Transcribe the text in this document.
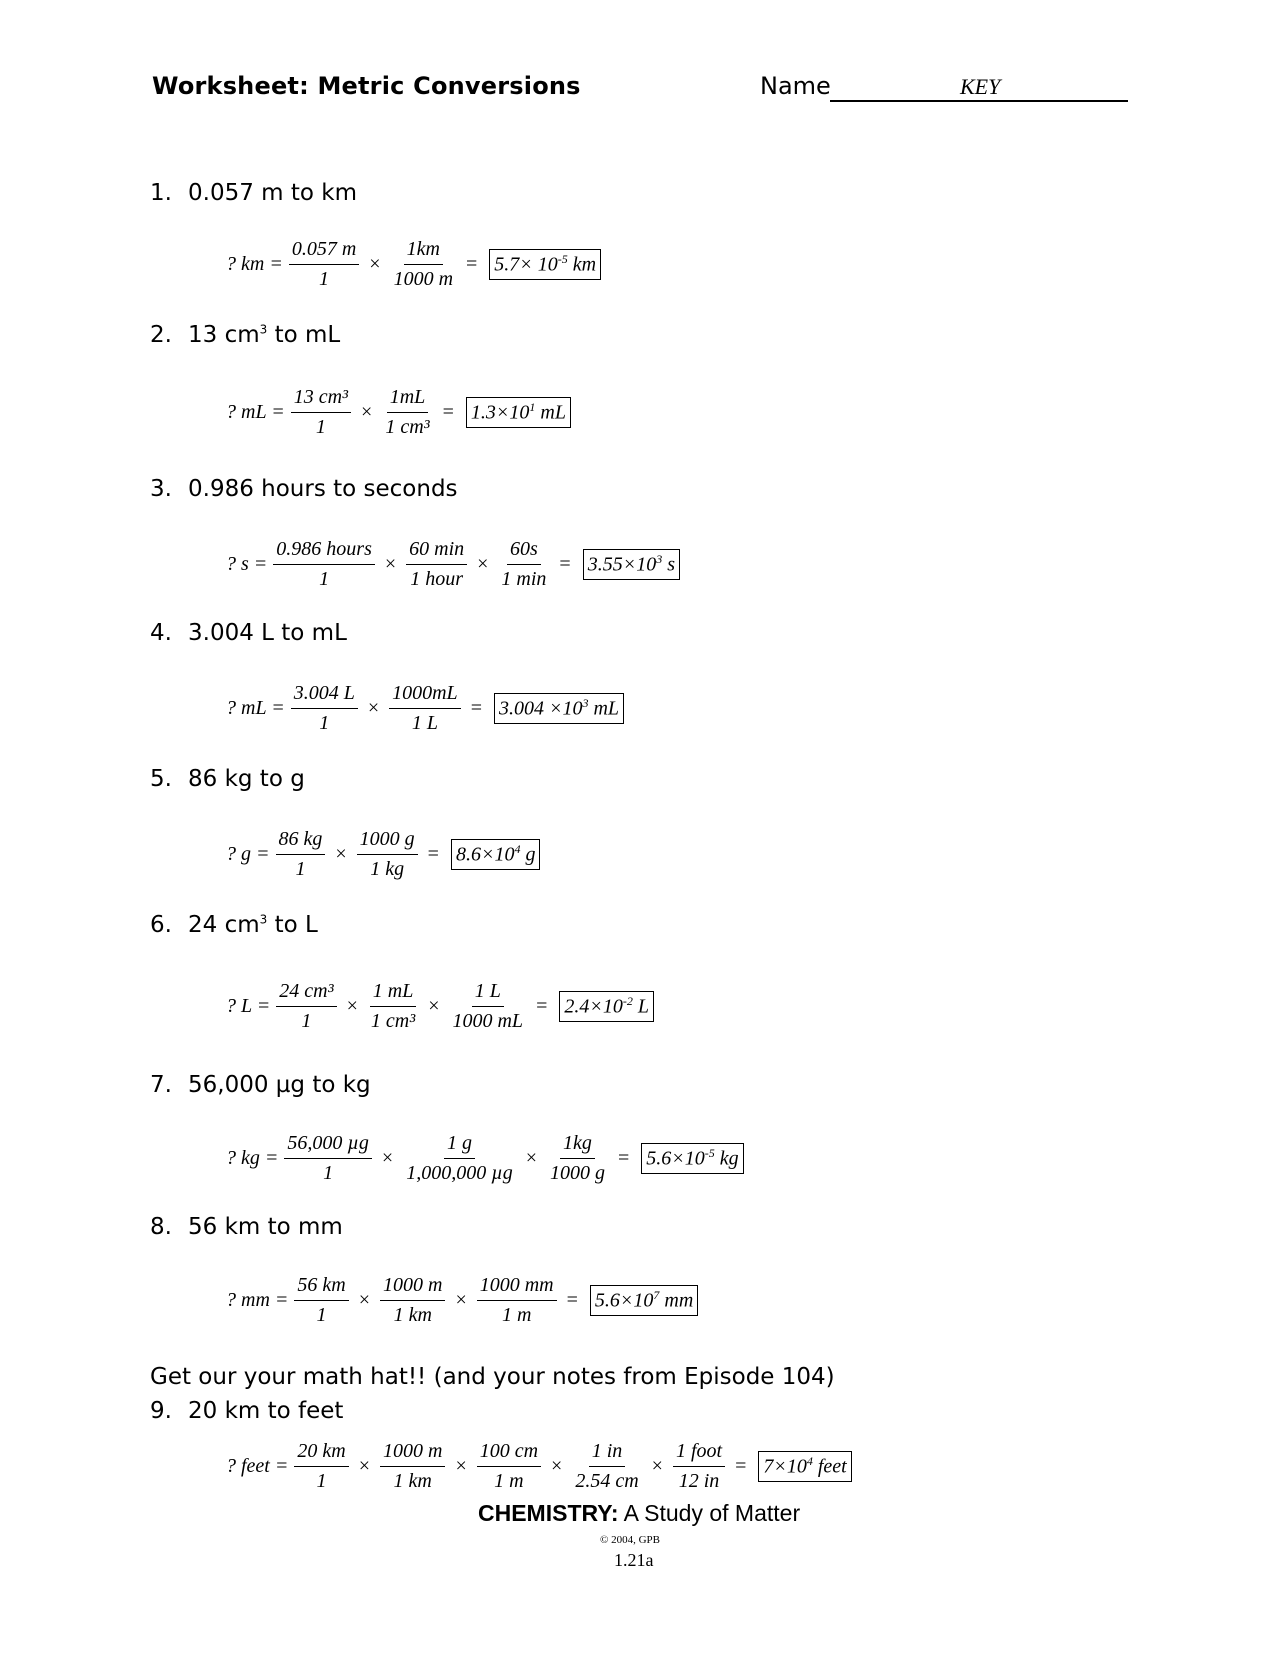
Worksheet: Metric Conversions	Name	KEY
1. 0.057 m to km
2. 13 $cm^3$ to mL
3. 0.986 hours to seconds
4. 3.004 L to mL
5. 86 kg to g
6. 24 $cm^3$ to L
7. 56,000 µg to kg
8. 56 km to mm
Get our your math hat!! (and your notes from Episode 104)
9. 20 km to feet
? km = $\frac{0.057 m}{1} \times \frac{1km}{1000 m} = 5.7\times 10^{-5}$ km
? mL = $\frac{\text{13 cm³}}{1} \times \frac{1mL}{\text{1 cm³}} = 1.3\times 10^1$ mL
? $s = \frac{\text{0.986 hours}}{1} \times \frac{60 \min}{\text{1 hour}} \times \frac{60s}{1 \min} = 3.55\times 10^3$ s
? mL = $\frac{3.004 L}{1} \times \frac{1000mL}{1 L} = 3.004 \times 10^3$ mL
? $g = \frac{86 kg}{1} \times \frac{1000 g}{1 kg} = 8.6\times 10^4$ g
? $L = \frac{\text{24 cm³}}{1} \times \frac{1 mL}{\text{1 cm³}} \times \frac{1 L}{1000 mL} = 2.4\times 10^{-2}$ L
? kg = $\frac{\text{56,000 µg}}{1} \times \frac{1 g}{\text{1,000,000 µg}} \times \frac{1kg}{1000 g} = 5.6\times 10^{-5}$ kg
? mm = $\frac{56 km}{1} \times \frac{1000 m}{1 km} \times \frac{1000 mm}{1 m} = 5.6\times 10^7$ mm
? feet = $\frac{20 km}{1} \times \frac{1000 m}{1 km} \times \frac{100 cm}{1 m} \times \frac{1 in}{2.54 cm} \times \frac{\text{1 foot}}{12 in} = 7\times 10^4$ feet
CHEMISTRY: A Study of Matter
© 2004, GPB
1.21a
